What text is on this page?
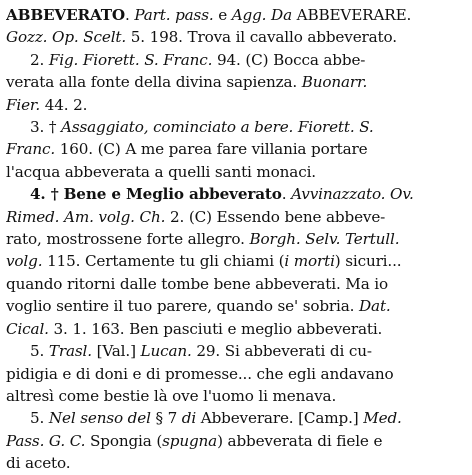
ABBEVERATO. Part. pass. e Agg. Da ABBEVERARE.
Gozz. Op. Scelt. 5. 198. Trova il cavallo abbeverato.
2. Fig. Fiorett. S. Franc. 94. (C) Bocca abbe-
verata alla fonte della divina sapienza. Buonarr.
Fier. 44. 2.
3. † Assaggiato, cominciato a bere. Fiorett. S.
Franc. 160. (C) A me parea fare villania portare
l'acqua abbeverata a quelli santi monaci.
4. † Bene e Meglio abbeverato. Avvinazzato. Ov.
Rimed. Am. volg. Ch. 2. (C) Essendo bene abbeve-
rato, mostrossene forte allegro. Borgh. Selv. Tertull.
volg. 115. Certamente tu gli chiami (i morti) sicuri...
quando ritorni dalle tombe bene abbeverati. Ma io
voglio sentire il tuo parere, quando se' sobria. Dat.
Cical. 3. 1. 163. Ben pasciuti e meglio abbeverati.
5. Trasl. [Val.] Lucan. 29. Si abbeverati di cu-
pidigia e di doni e di promesse... che egli andavano
altresì come bestie là ove l'uomo li menava.
5. Nel senso del § 7 di Abbeverare. [Camp.] Med.
Pass. G. C. Spongia (spugna) abbeverata di fiele e
di aceto.
